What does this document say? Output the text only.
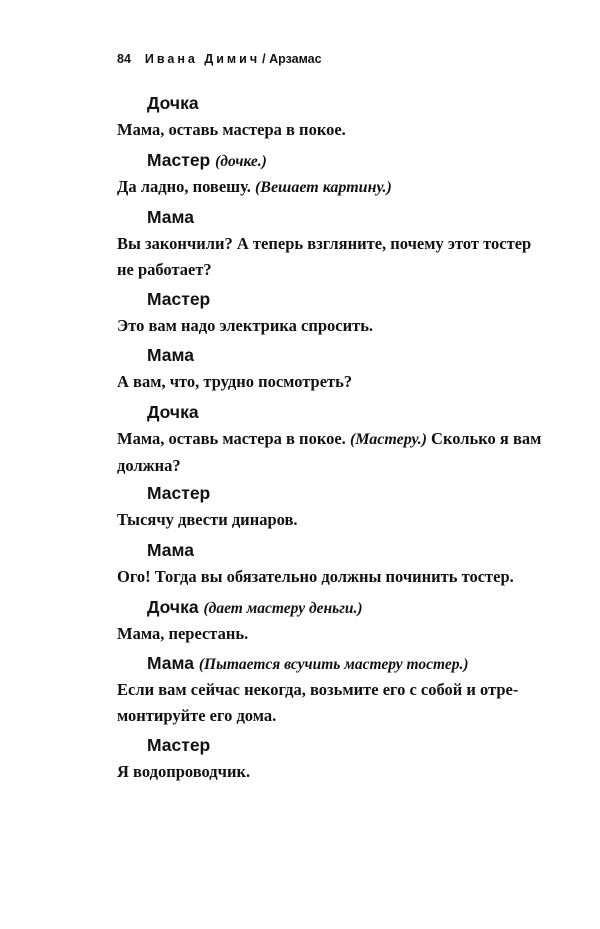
84 Ивана Димич / Арзамас
Дочка
Мама, оставь мастера в покое.
Мастер (дочке.)
Да ладно, повешу. (Вешает картину.)
Мама
Вы закончили? А теперь взгляните, почему этот тостер
не работает?
Мастер
Это вам надо электрика спросить.
Мама
А вам, что, трудно посмотреть?
Дочка
Мама, оставь мастера в покое. (Мастеру.) Сколько я вам
должна?
Мастер
Тысячу двести динаров.
Мама
Ого! Тогда вы обязательно должны починить тостер.
Дочка (дает мастеру деньги.)
Мама, перестань.
Мама (Пытается всучить мастеру тостер.)
Если вам сейчас некогда, возьмите его с собой и отре-
монтируйте его дома.
Мастер
Я водопроводчик.
